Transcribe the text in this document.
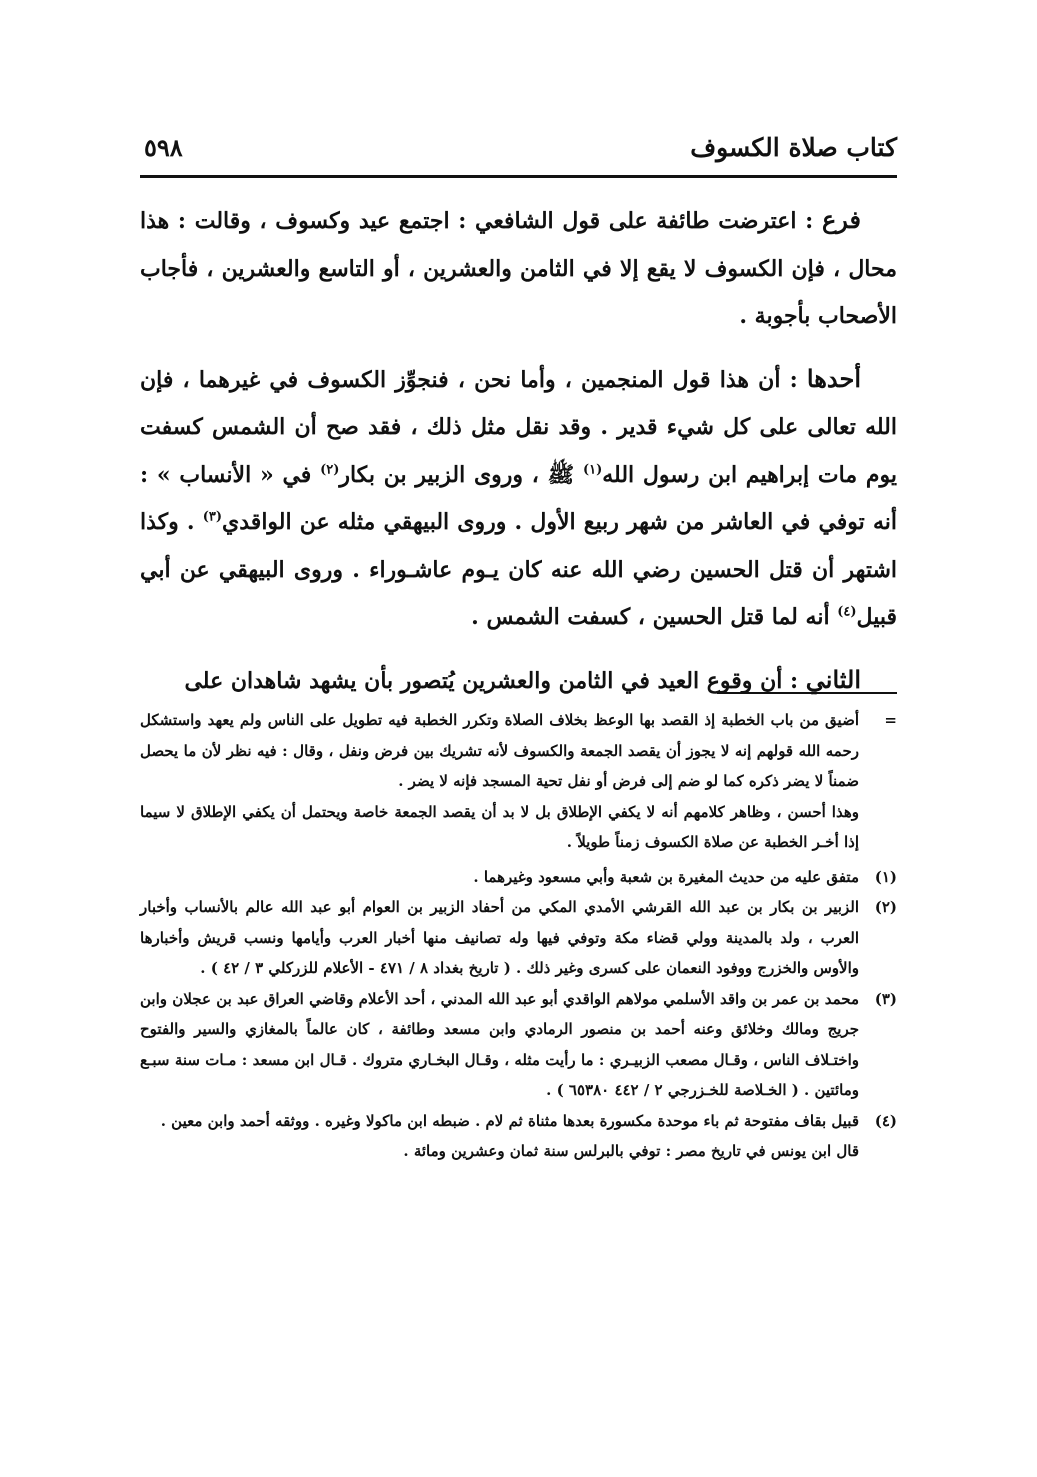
كتاب صلاة الكسوف
٥٩٨

فرع : اعترضت طائفة على قول الشافعي : اجتمع عيد وكسوف ، وقالت : هذا محال ، فإن الكسوف لا يقع إلا في الثامن والعشرين ، أو التاسع والعشرين ، فأجاب الأصحاب بأجوبة .

أحدها : أن هذا قول المنجمين ، وأما نحن ، فنجوِّز الكسوف في غيرهما ، فإن الله تعالى على كل شيء قدير . وقد نقل مثل ذلك ، فقد صح أن الشمس كسفت يوم مات إبراهيم ابن رسول الله$^{(١)}$ ﷺ ، وروى الزبير بن بكار$^{(٢)}$ في « الأنساب » : أنه توفي في العاشر من شهر ربيع الأول . وروى البيهقي مثله عن الواقدي$^{(٣)}$ . وكذا اشتهر أن قتل الحسين رضي الله عنه كان يـوم عاشـوراء . وروى البيهقي عن أبي قبيل$^{(٤)}$ أنه لما قتل الحسين ، كسفت الشمس .

الثاني : أن وقوع العيد في الثامن والعشرين يُتصور بأن يشهد شاهدان على

=
أضيق من باب الخطبة إذ القصد بها الوعظ بخلاف الصلاة وتكرر الخطبة فيه تطويل على الناس ولم يعهد واستشكل رحمه الله قولهم إنه لا يجوز أن يقصد الجمعة والكسوف لأنه تشريك بين فرض ونفل ، وقال : فيه نظر لأن ما يحصل ضمناً لا يضر ذكره كما لو ضم إلى فرض أو نفل تحية المسجد فإنه لا يضر .

وهذا أحسن ، وظاهر كلامهم أنه لا يكفي الإطلاق بل لا بد أن يقصد الجمعة خاصة ويحتمل أن يكفي الإطلاق لا سيما إذا أخـر الخطبة عن صلاة الكسوف زمناً طويلاً .

(١)
متفق عليه من حديث المغيرة بن شعبة وأبي مسعود وغيرهما .
(٢)
الزبير بن بكار بن عبد الله القرشي الأمدي المكي من أحفاد الزبير بن العوام أبو عبد الله عالم بالأنساب وأخبار العرب ، ولد بالمدينة وولي قضاء مكة وتوفي فيها وله تصانيف منها أخبار العرب وأيامها ونسب قريش وأخبارها والأوس والخزرج ووفود النعمان على كسرى وغير ذلك . ( تاريخ بغداد ٨ / ٤٧١ - الأعلام للزركلي ٣ / ٤٢ ) .
(٣)
محمد بن عمر بن واقد الأسلمي مولاهم الواقدي أبو عبد الله المدني ، أحد الأعلام وقاضي العراق عبد بن عجلان وابن جريج ومالك وخلائق وعنه أحمد بن منصور الرمادي وابن مسعد وطائفة ، كان عالماً بالمغازي والسير والفتوح واختـلاف الناس ، وقـال مصعب الزبيـري : ما رأيت مثله ، وقـال البخـاري متروك . قـال ابن مسعد : مـات سنة سبـع ومائتين . ( الخـلاصة للخـزرجي ٢ / ٤٤٢ ٦٥٣٨٠ ) .
(٤)
قبيل بقاف مفتوحة ثم باء موحدة مكسورة بعدها مثناة ثم لام . ضبطه ابن ماكولا وغيره . ووثقه أحمد وابن معين .

قال ابن يونس في تاريخ مصر : توفي بالبرلس سنة ثمان وعشرين ومائة .
